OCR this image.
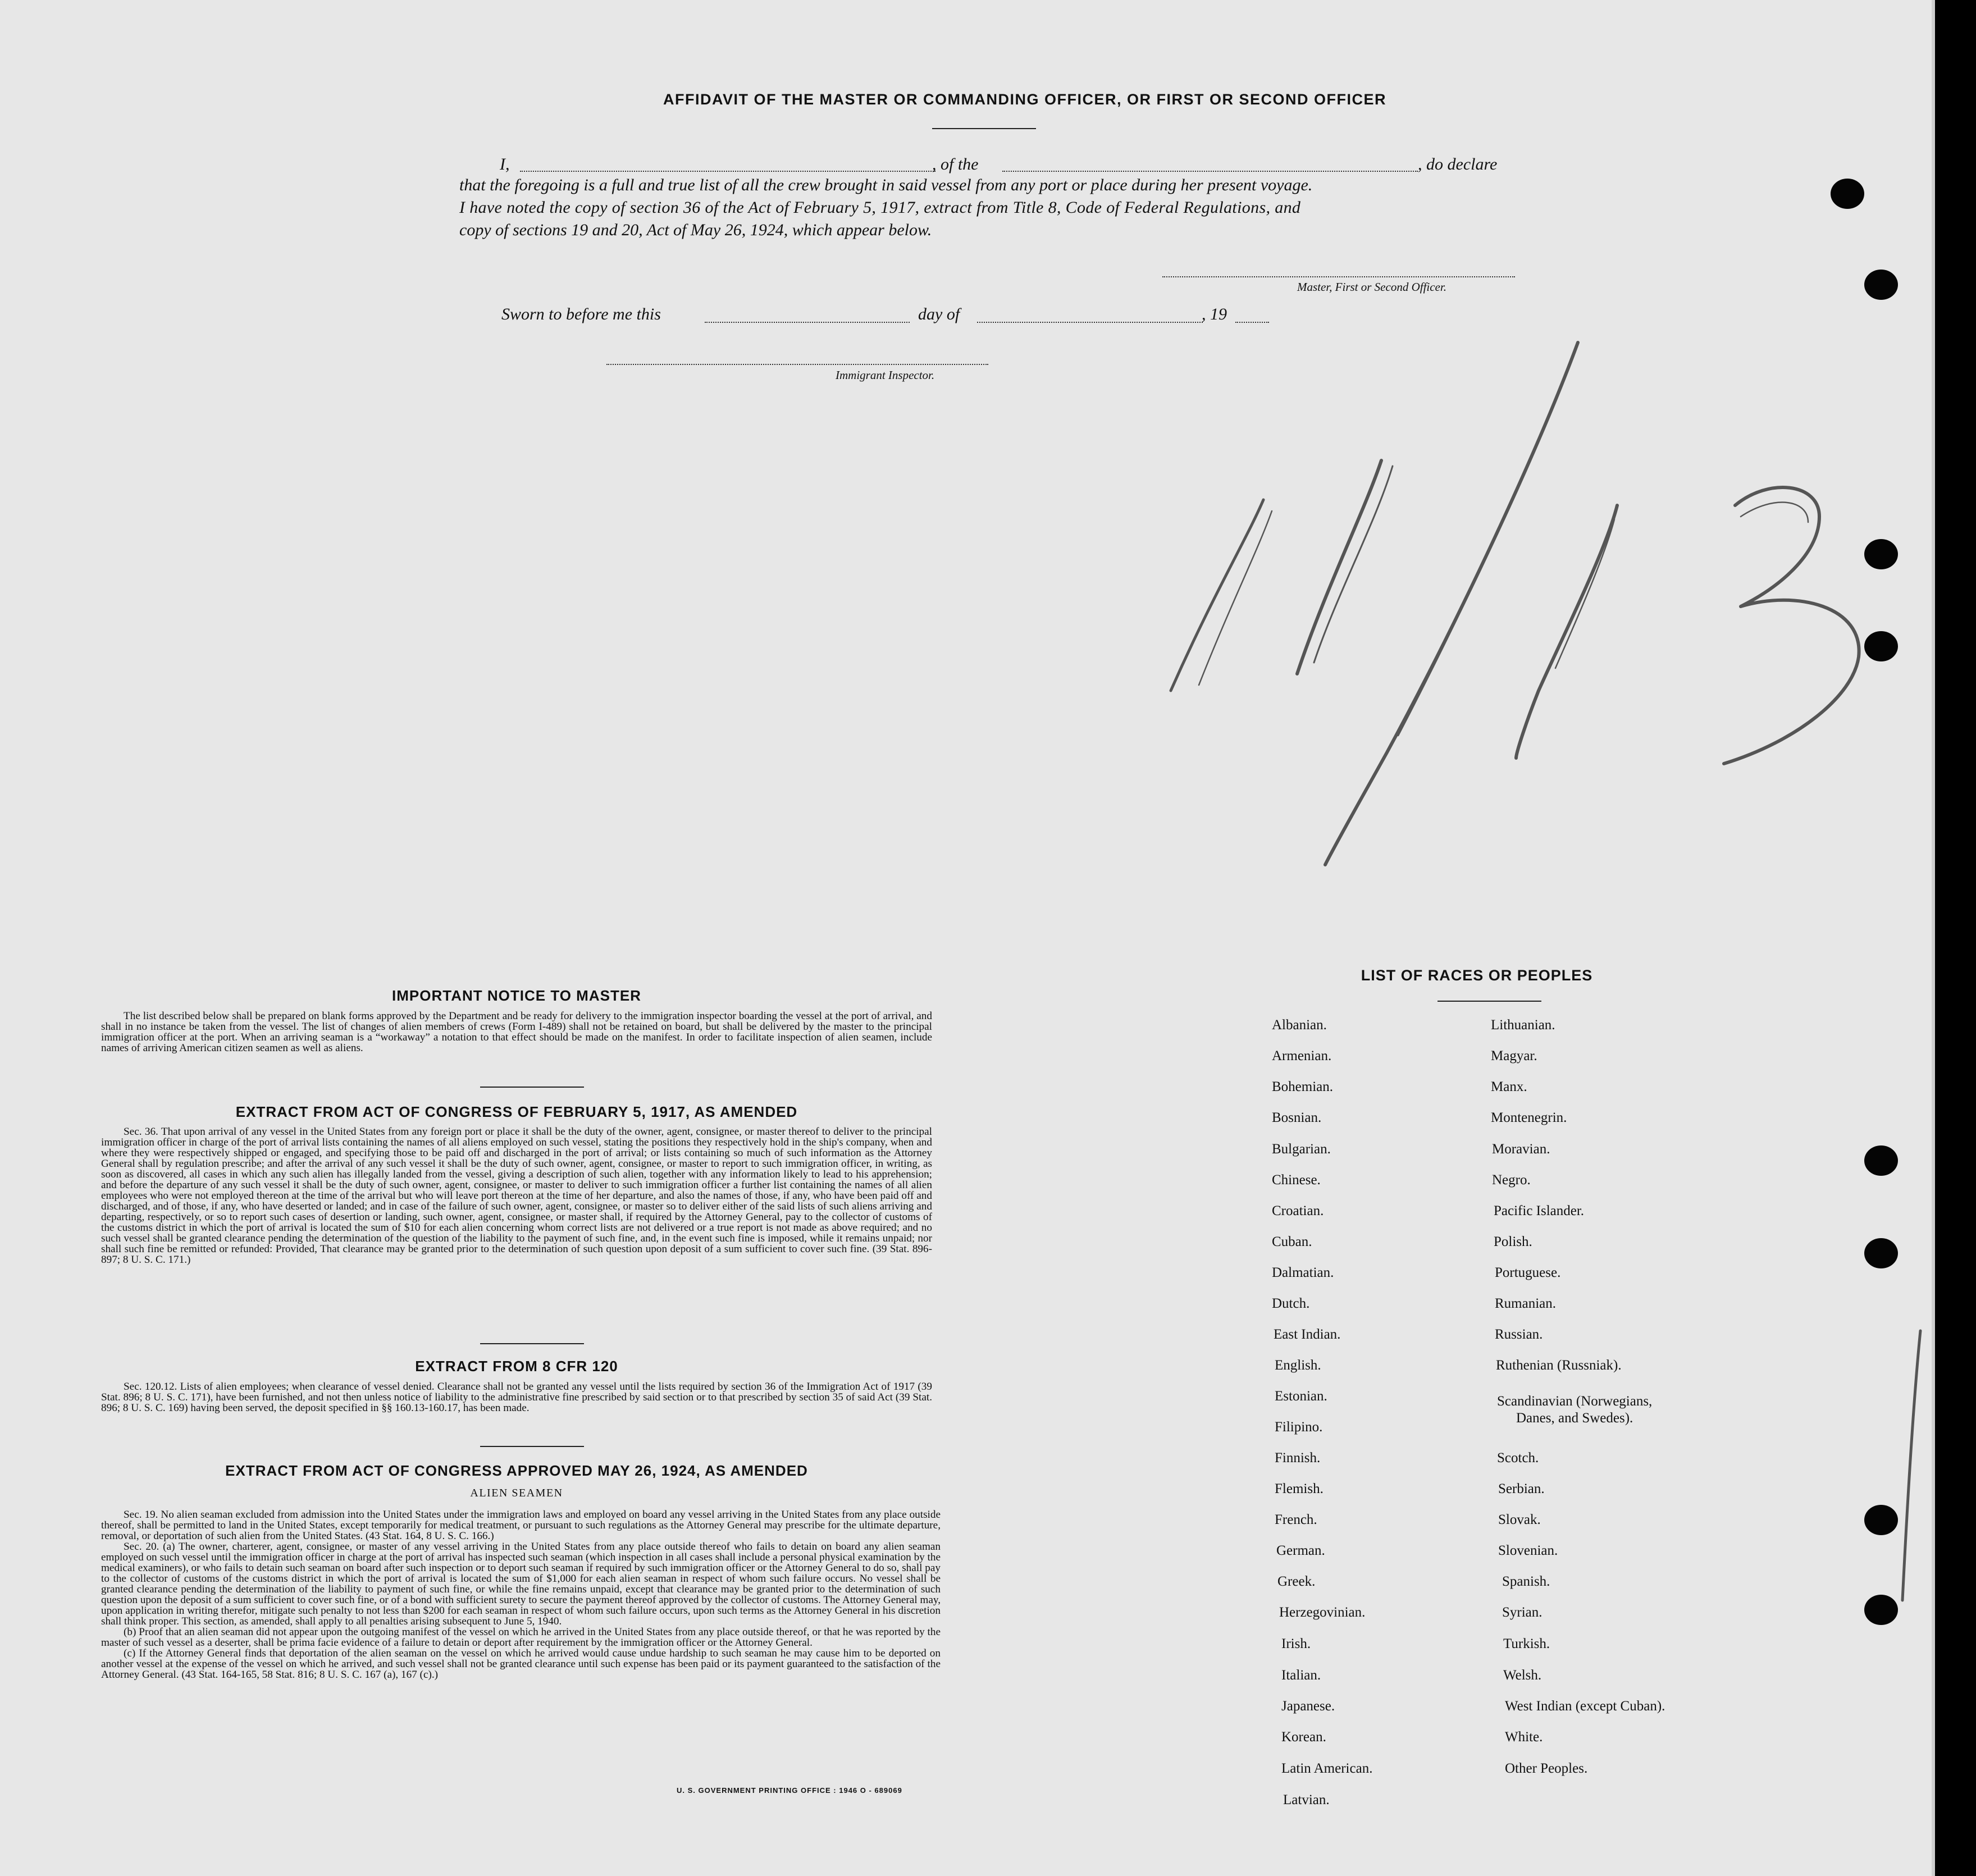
AFFIDAVIT OF THE MASTER OR COMMANDING OFFICER, OR FIRST OR SECOND OFFICER
I,	, of the	, do declare
that the foregoing is a full and true list of all the crew brought in said vessel from any port or place during her present voyage.
I have noted the copy of section 36 of the Act of February 5, 1917, extract from Title 8, Code of Federal Regulations, and
copy of sections 19 and 20, Act of May 26, 1924, which appear below.
Master, First or Second Officer.
Sworn to before me this	day of	, 19
Immigrant Inspector.
IMPORTANT NOTICE TO MASTER
The list described below shall be prepared on blank forms approved by the Department and be ready for delivery to the immigration inspector boarding the vessel at the port of arrival, and shall in no instance be taken from the vessel. The list of changes of alien members of crews (Form I-489) shall not be retained on board, but shall be delivered by the master to the principal immigration officer at the port. When an arriving seaman is a “workaway” a notation to that effect should be made on the manifest. In order to facilitate inspection of alien seamen, include names of arriving American citizen seamen as well as aliens.
EXTRACT FROM ACT OF CONGRESS OF FEBRUARY 5, 1917, AS AMENDED
Sec. 36. That upon arrival of any vessel in the United States from any foreign port or place it shall be the duty of the owner, agent, consignee, or master thereof to deliver to the principal immigration officer in charge of the port of arrival lists containing the names of all aliens employed on such vessel, stating the positions they respectively hold in the ship's company, when and where they were respectively shipped or engaged, and specifying those to be paid off and discharged in the port of arrival; or lists containing so much of such information as the Attorney General shall by regulation prescribe; and after the arrival of any such vessel it shall be the duty of such owner, agent, consignee, or master to report to such immigration officer, in writing, as soon as discovered, all cases in which any such alien has illegally landed from the vessel, giving a description of such alien, together with any information likely to lead to his apprehension; and before the departure of any such vessel it shall be the duty of such owner, agent, consignee, or master to deliver to such immigration officer a further list containing the names of all alien employees who were not employed thereon at the time of the arrival but who will leave port thereon at the time of her departure, and also the names of those, if any, who have been paid off and discharged, and of those, if any, who have deserted or landed; and in case of the failure of such owner, agent, consignee, or master so to deliver either of the said lists of such aliens arriving and departing, respectively, or so to report such cases of desertion or landing, such owner, agent, consignee, or master shall, if required by the Attorney General, pay to the collector of customs of the customs district in which the port of arrival is located the sum of $10 for each alien concerning whom correct lists are not delivered or a true report is not made as above required; and no such vessel shall be granted clearance pending the determination of the question of the liability to the payment of such fine, and, in the event such fine is imposed, while it remains unpaid; nor shall such fine be remitted or refunded: Provided, That clearance may be granted prior to the determination of such question upon deposit of a sum sufficient to cover such fine. (39 Stat. 896-897; 8 U. S. C. 171.)
EXTRACT FROM 8 CFR 120
Sec. 120.12. Lists of alien employees; when clearance of vessel denied. Clearance shall not be granted any vessel until the lists required by section 36 of the Immigration Act of 1917 (39 Stat. 896; 8 U. S. C. 171), have been furnished, and not then unless notice of liability to the administrative fine prescribed by said section or to that prescribed by section 35 of said Act (39 Stat. 896; 8 U. S. C. 169) having been served, the deposit specified in §§ 160.13-160.17, has been made.
EXTRACT FROM ACT OF CONGRESS APPROVED MAY 26, 1924, AS AMENDED
ALIEN SEAMEN
Sec. 19. No alien seaman excluded from admission into the United States under the immigration laws and employed on board any vessel arriving in the United States from any place outside thereof, shall be permitted to land in the United States, except temporarily for medical treatment, or pursuant to such regulations as the Attorney General may prescribe for the ultimate departure, removal, or deportation of such alien from the United States. (43 Stat. 164, 8 U. S. C. 166.)
Sec. 20. (a) The owner, charterer, agent, consignee, or master of any vessel arriving in the United States from any place outside thereof who fails to detain on board any alien seaman employed on such vessel until the immigration officer in charge at the port of arrival has inspected such seaman (which inspection in all cases shall include a personal physical examination by the medical examiners), or who fails to detain such seaman on board after such inspection or to deport such seaman if required by such immigration officer or the Attorney General to do so, shall pay to the collector of customs of the customs district in which the port of arrival is located the sum of $1,000 for each alien seaman in respect of whom such failure occurs. No vessel shall be granted clearance pending the determination of the liability to payment of such fine, or while the fine remains unpaid, except that clearance may be granted prior to the determination of such question upon the deposit of a sum sufficient to cover such fine, or of a bond with sufficient surety to secure the payment thereof approved by the collector of customs. The Attorney General may, upon application in writing therefor, mitigate such penalty to not less than $200 for each seaman in respect of whom such failure occurs, upon such terms as the Attorney General in his discretion shall think proper. This section, as amended, shall apply to all penalties arising subsequent to June 5, 1940.
(b) Proof that an alien seaman did not appear upon the outgoing manifest of the vessel on which he arrived in the United States from any place outside thereof, or that he was reported by the master of such vessel as a deserter, shall be prima facie evidence of a failure to detain or deport after requirement by the immigration officer or the Attorney General.
(c) If the Attorney General finds that deportation of the alien seaman on the vessel on which he arrived would cause undue hardship to such seaman he may cause him to be deported on another vessel at the expense of the vessel on which he arrived, and such vessel shall not be granted clearance until such expense has been paid or its payment guaranteed to the satisfaction of the Attorney General. (43 Stat. 164-165, 58 Stat. 816; 8 U. S. C. 167 (a), 167 (c).)
U. S. GOVERNMENT PRINTING OFFICE : 1946 O - 689069
LIST OF RACES OR PEOPLES
Albanian.
Armenian.
Bohemian.
Bosnian.
Bulgarian.
Chinese.
Croatian.
Cuban.
Dalmatian.
Dutch.
East Indian.
English.
Estonian.
Filipino.
Finnish.
Flemish.
French.
German.
Greek.
Herzegovinian.
Irish.
Italian.
Japanese.
Korean.
Latin American.
Latvian.
Lithuanian.
Magyar.
Manx.
Montenegrin.
Moravian.
Negro.
Pacific Islander.
Polish.
Portuguese.
Rumanian.
Russian.
Ruthenian (Russniak).
Scandinavian (Norwegians,
Danes, and Swedes).
Scotch.
Serbian.
Slovak.
Slovenian.
Spanish.
Syrian.
Turkish.
Welsh.
West Indian (except Cuban).
White.
Other Peoples.
